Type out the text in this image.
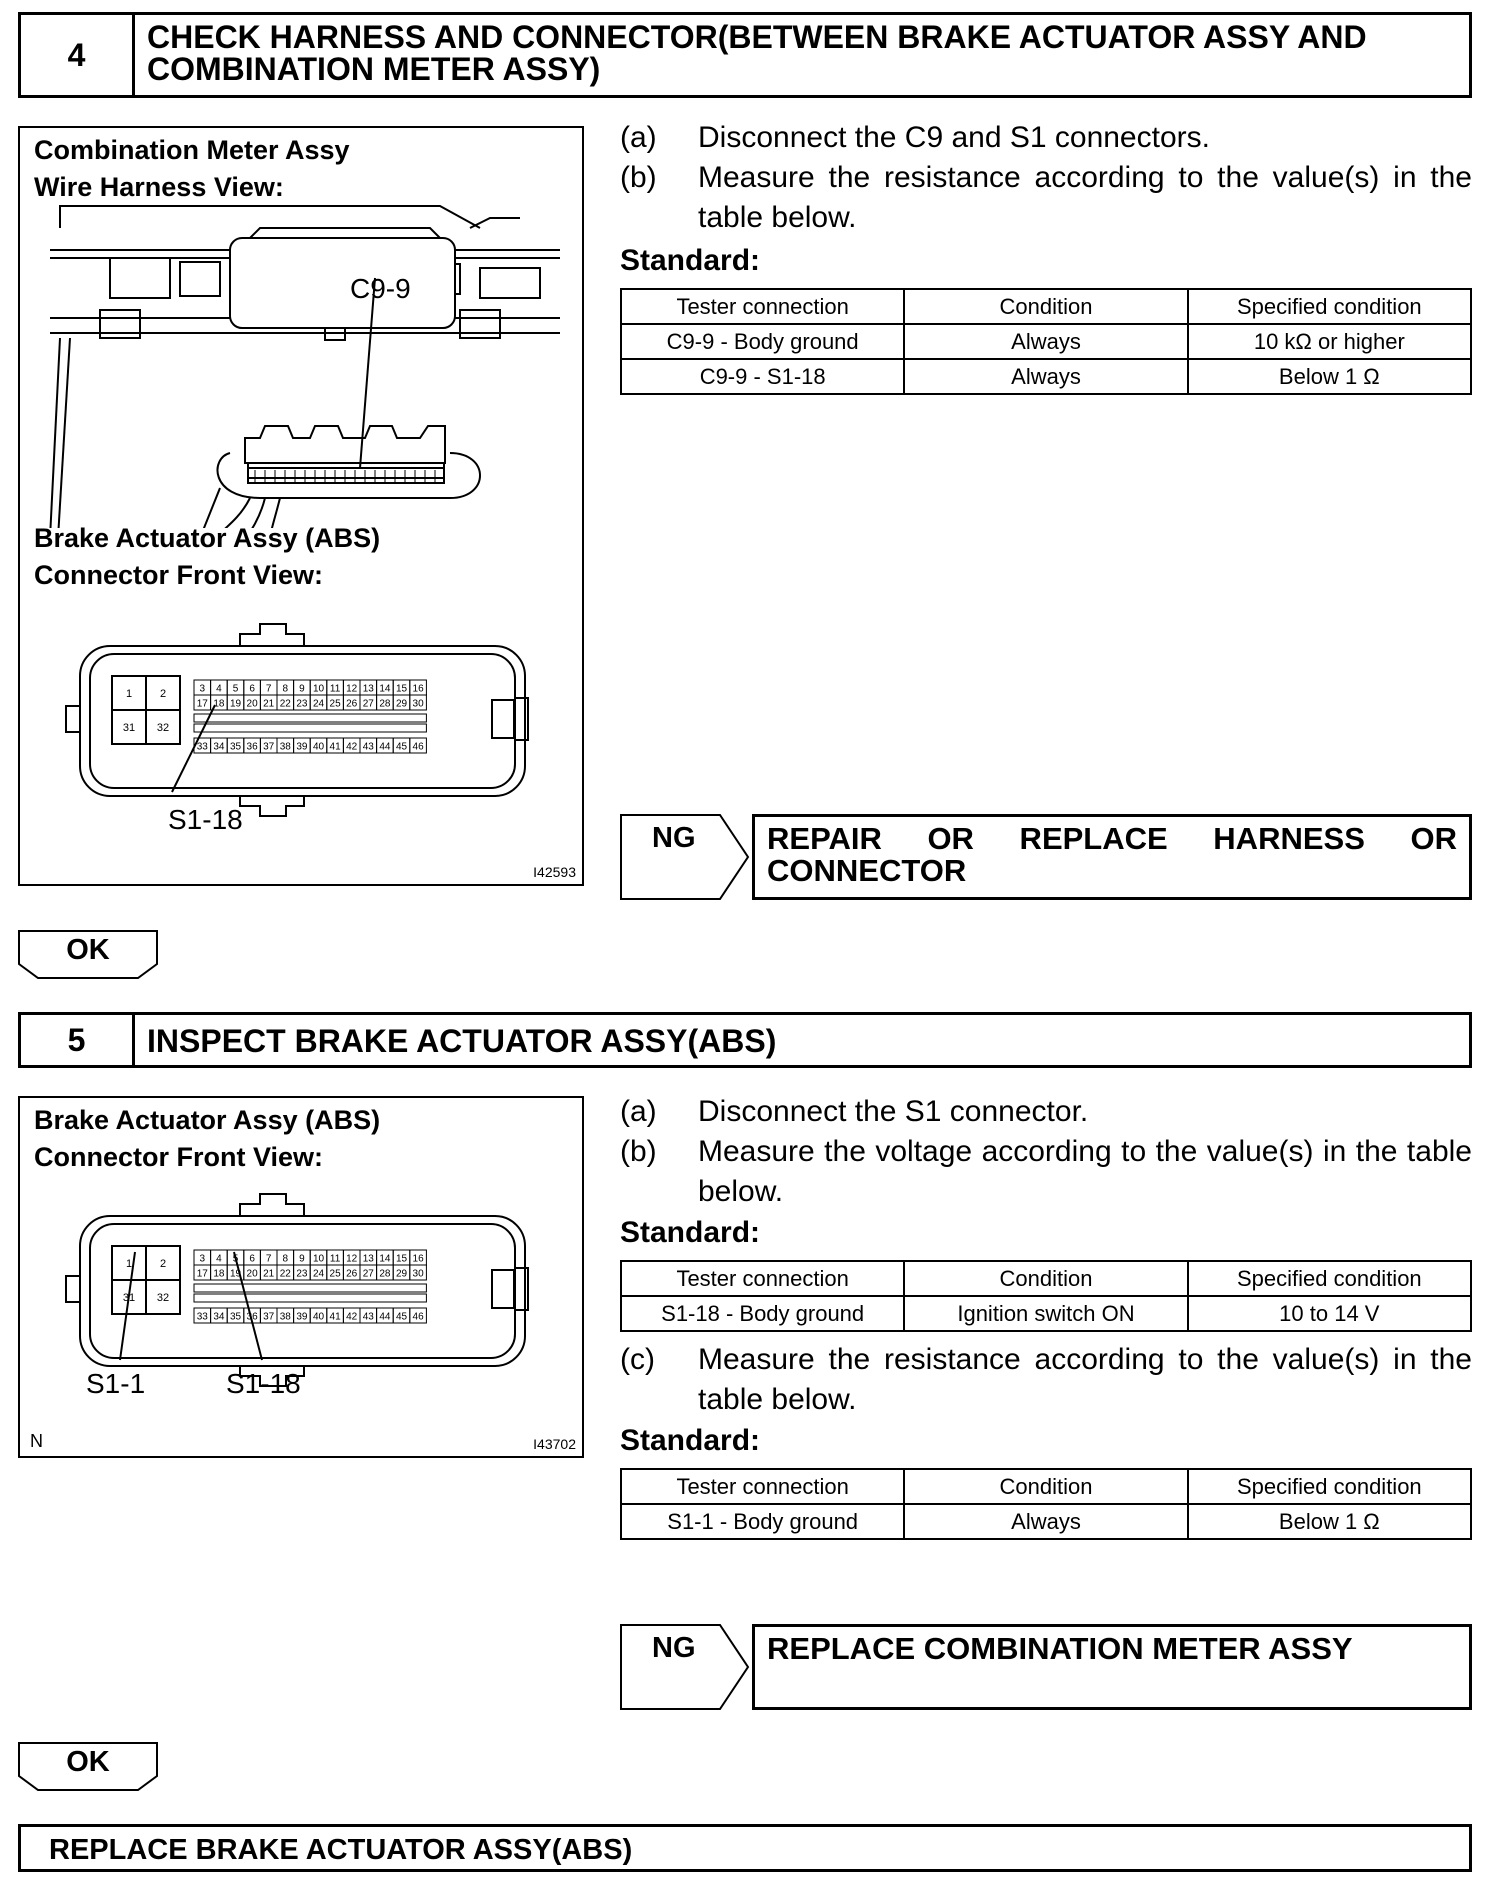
4	CHECK HARNESS AND CONNECTOR(BETWEEN BRAKE ACTUATOR ASSY AND COMBINATION METER ASSY)
Combination Meter Assy
Wire Harness View:
C9-9
Brake Actuator Assy (ABS)
Connector Front View:
1	2
31 32
3 4 5 6 7 8 9 10 11 12 13 14 15 16
17 18 19 20 21 22 23 24 25 26 27 28 29 30
33 34 35 36 37 38 39 40 41 42 43 44 45 46
S1-18
I42593
(a) Disconnect the C9 and S1 connectors.
(b) Measure the resistance according to the value(s) in the table below.
Standard:
Tester connection	Condition	Specified condition
C9-9 - Body ground	Always	10 kΩ or higher
C9-9 - S1-18	Always	Below 1 Ω
NG REPAIR OR REPLACE HARNESS OR CONNECTOR
OK
5	INSPECT BRAKE ACTUATOR ASSY(ABS)
Brake Actuator Assy (ABS)
Connector Front View:
1	2
31 32
3 4 5 6 7 8 9 10 11 12 13 14 15 16
17 18 19 20 21 22 23 24 25 26 27 28 29 30
33 34 35 36 37 38 39 40 41 42 43 44 45 46
S1-1	S1-18
N	I43702
(a) Disconnect the S1 connector.
(b) Measure the voltage according to the value(s) in the table below.
Standard:
Tester connection	Condition	Specified condition
S1-18 - Body ground	Ignition switch ON	10 to 14 V
(c) Measure the resistance according to the value(s) in the table below.
Standard:
Tester connection	Condition	Specified condition
S1-1 - Body ground	Always	Below 1 Ω
NG REPLACE COMBINATION METER ASSY
OK
REPLACE BRAKE ACTUATOR ASSY(ABS)
